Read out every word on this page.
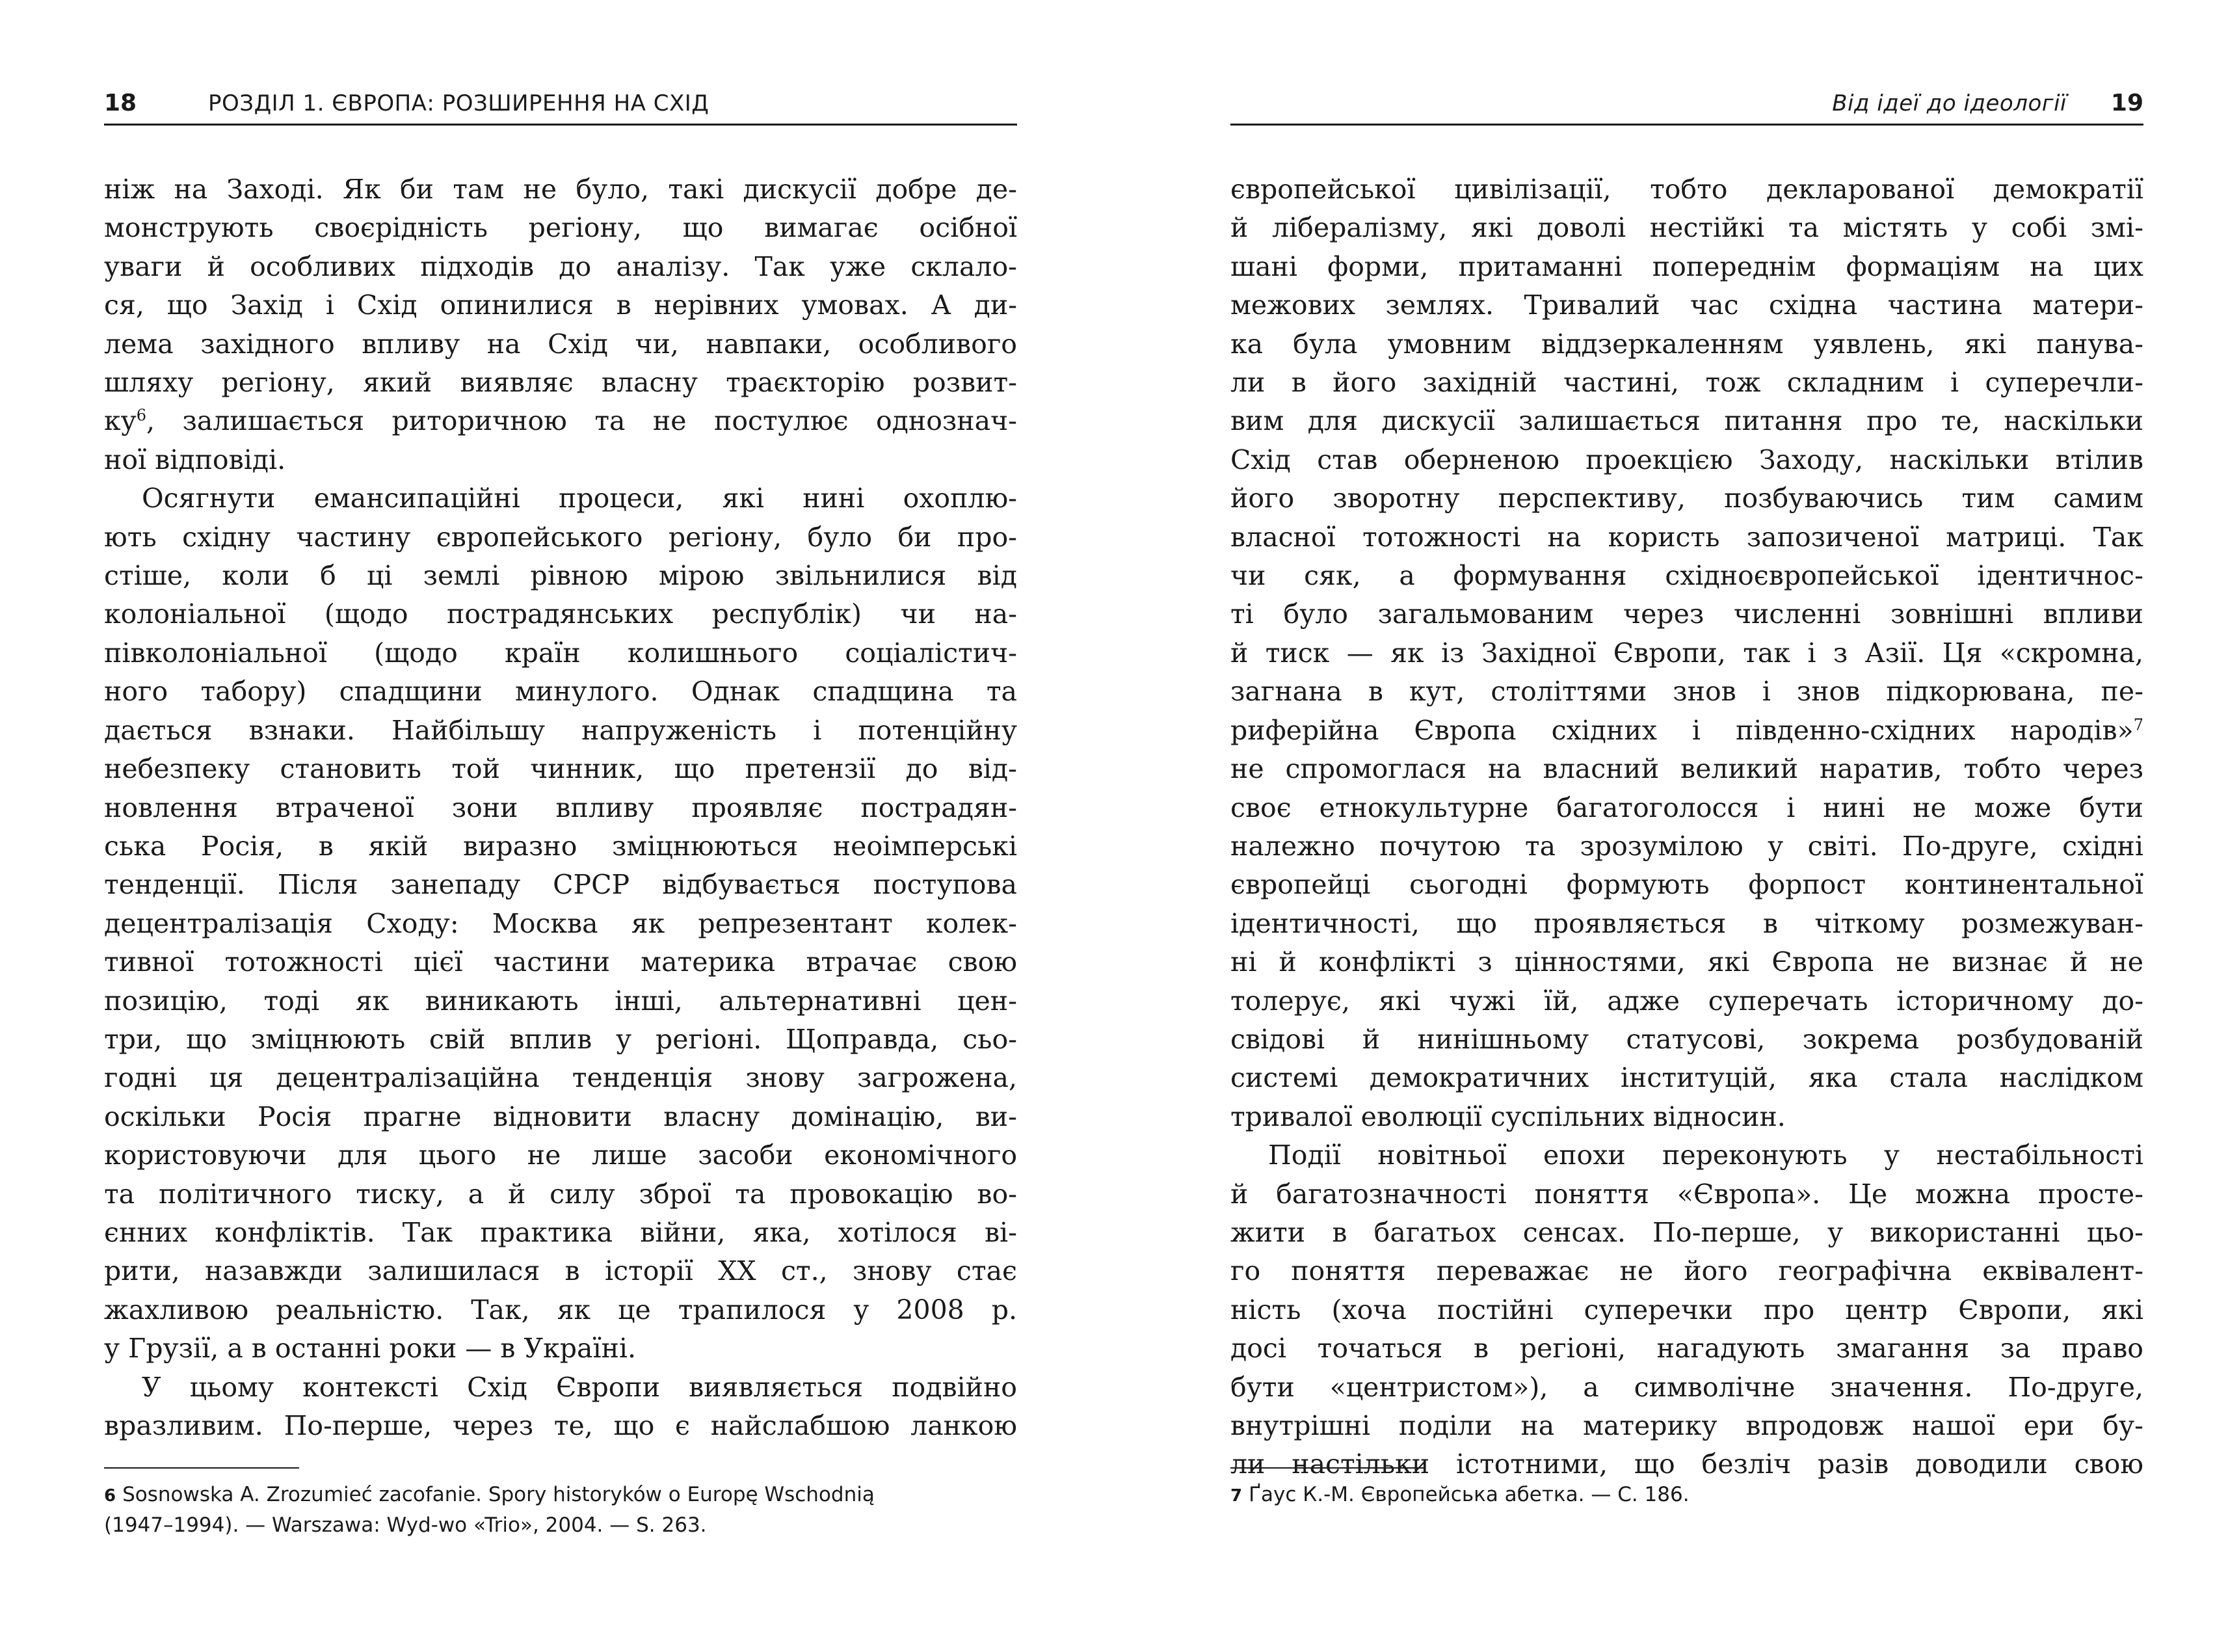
18	РОЗДІЛ 1. ЄВРОПА: РОЗШИРЕННЯ НА СХІД

ніж на Заході. Як би там не було, такі дискусії добре де-

монструють своєрідність регіону, що вимагає осібної

уваги й особливих підходів до аналізу. Так уже склало-

ся, що Захід і Схід опинилися в нерівних умовах. А ди-

лема західного впливу на Схід чи, навпаки, особливого

шляху регіону, який виявляє власну траєкторію розвит-

ку$^6$, залишається риторичною та не постулює однознач-

ної відповіді.

Осягнути емансипаційні процеси, які нині охоплю-

ють східну частину європейського регіону, було би про-

стіше, коли б ці землі рівною мірою звільнилися від

колоніальної (щодо пострадянських республік) чи на-

півколоніальної (щодо країн колишнього соціалістич-

ного табору) спадщини минулого. Однак спадщина та

дається взнаки. Найбільшу напруженість і потенційну

небезпеку становить той чинник, що претензії до від-

новлення втраченої зони впливу проявляє пострадян-

ська Росія, в якій виразно зміцнюються неоімперські

тенденції. Після занепаду СРСР відбувається поступова

децентралізація Сходу: Москва як репрезентант колек-

тивної тотожності цієї частини материка втрачає свою

позицію, тоді як виникають інші, альтернативні цен-

три, що зміцнюють свій вплив у регіоні. Щоправда, сьо-

годні ця децентралізаційна тенденція знову загрожена,

оскільки Росія прагне відновити власну домінацію, ви-

користовуючи для цього не лише засоби економічного

та політичного тиску, а й силу зброї та провокацію во-

єнних конфліктів. Так практика війни, яка, хотілося ві-

рити, назавжди залишилася в історії XX ст., знову стає

жахливою реальністю. Так, як це трапилося у 2008 р.

у Грузії, а в останні роки — в Україні.

У цьому контексті Схід Європи виявляється подвійно

вразливим. По-перше, через те, що є найслабшою ланкою

6 Sosnowska A. Zrozumieć zacofanie. Spory historyków o Europę Wschodnią
(1947–1994). — Warszawa: Wyd-wo «Trio», 2004. — S. 263.
Від ідеї до ідеології 19

європейської цивілізації, тобто декларованої демократії

й лібералізму, які доволі нестійкі та містять у собі змі-

шані форми, притаманні попереднім формаціям на цих

межових землях. Тривалий час східна частина матери-

ка була умовним віддзеркаленням уявлень, які панува-

ли в його західній частині, тож складним і суперечли-

вим для дискусії залишається питання про те, наскільки

Схід став оберненою проекцією Заходу, наскільки втілив

його зворотну перспективу, позбуваючись тим самим

власної тотожності на користь запозиченої матриці. Так

чи сяк, а формування східноєвропейської ідентичнос-

ті було загальмованим через численні зовнішні впливи

й тиск — як із Західної Європи, так і з Азії. Ця «скромна,

загнана в кут, століттями знов і знов підкорювана, пе-

риферійна Європа східних і південно-східних народів»$^7$

не спромоглася на власний великий наратив, тобто через

своє етнокультурне багатоголосся і нині не може бути

належно почутою та зрозумілою у світі. По-друге, східні

європейці сьогодні формують форпост континентальної

ідентичності, що проявляється в чіткому розмежуван-

ні й конфлікті з цінностями, які Європа не визнає й не

толерує, які чужі їй, адже суперечать історичному до-

свідові й нинішньому статусові, зокрема розбудованій

системі демократичних інституцій, яка стала наслідком

тривалої еволюції суспільних відносин.

Події новітньої епохи переконують у нестабільності

й багатозначності поняття «Європа». Це можна простe-

жити в багатьох сенсах. По-перше, у використанні цьо-

го поняття переважає не його географічна еквівалент-

ність (хоча постійні суперечки про центр Європи, які

досі точаться в регіоні, нагадують змагання за право

бути «центристом»), а символічне значення. По-друге,

внутрішні поділи на материку впродовж нашої ери бу-

ли настільки істотними, що безліч разів доводили свою

7 Ґаус К.-М. Європейська абетка. — С. 186.
